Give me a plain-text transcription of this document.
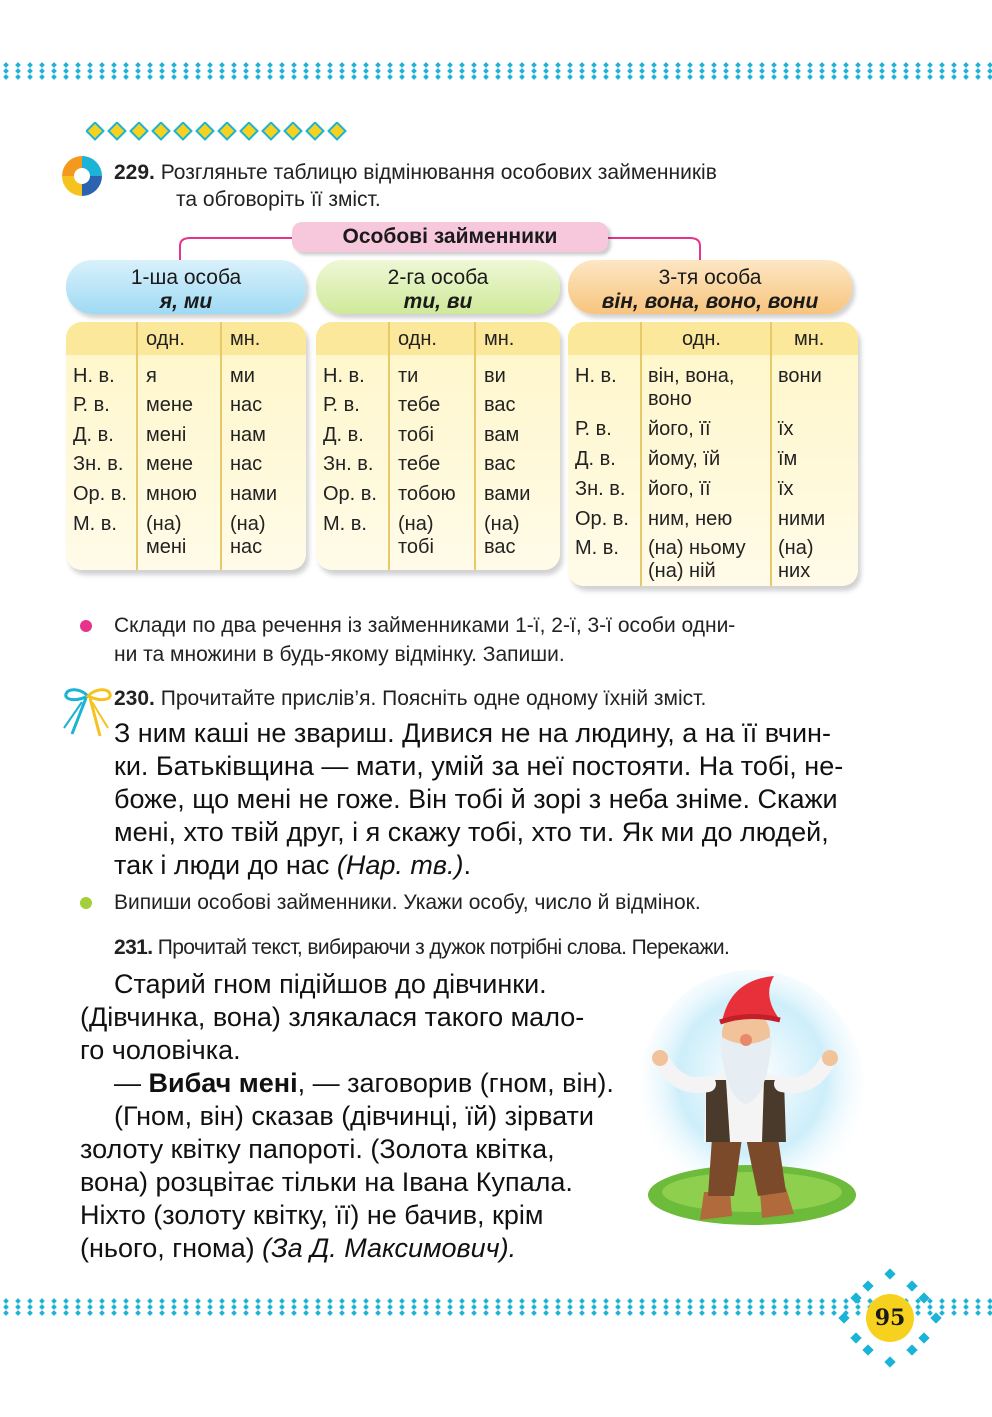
229. Розгляньте таблицю відмінювання особових займенників
та обговоріть її зміст.
Особові займенники
1-ша особа
я, ми
2-га особа
ти, ви
3-тя особа
він, вона, воно, вони
одн. мн.
Н. в.
Р. в.
Д. в.
Зн. в.
Ор. в.
М. в.
я
мене
мені
мене
мною
(на)
мені
ми
нас
нам
нас
нами
(на)
нас
одн. мн.
Н. в.
Р. в.
Д. в.
Зн. в.
Ор. в.
М. в.
ти
тебе
тобі
тебе
тобою
(на)
тобі
ви
вас
вам
вас
вами
(на)
вас
одн.	мн.
Н. в.
Р. в.
Д. в.
Зн. в.
Ор. в.
М. в.
він, вона,
воно
його, її
йому, їй
його, її
ним, нею
(на) ньому
(на) ній
вони
їх
їм
їх
ними
(на)
них
Склади по два речення із займенниками 1-ї, 2-ї, 3-ї особи одни-
ни та множини в будь-якому відмінку. Запиши.
230. Прочитайте прислів’я. Поясніть одне одному їхній зміст.
З ним каші не звариш. Дивися не на людину, а на її вчин-
ки. Батьківщина — мати, умій за неї постояти. На тобі, не-
боже, що мені не гоже. Він тобі й зорі з неба зніме. Скажи
мені, хто твій друг, і я скажу тобі, хто ти. Як ми до людей,
так і люди до нас (Нар. тв.).
Випиши особові займенники. Укажи особу, число й відмінок.
231. Прочитай текст, вибираючи з дужок потрібні слова. Перекажи.
Старий гном підійшов до дівчинки.
(Дівчинка, вона) злякалася такого мало-
го чоловічка.
— Вибач мені, — заговорив (гном, він).
(Гном, він) сказав (дівчинці, їй) зірвати
золоту квітку папороті. (Золота квітка,
вона) розцвітає тільки на Івана Купала.
Ніхто (золоту квітку, її) не бачив, крім
(нього, гнома) (За Д. Максимович).
95
